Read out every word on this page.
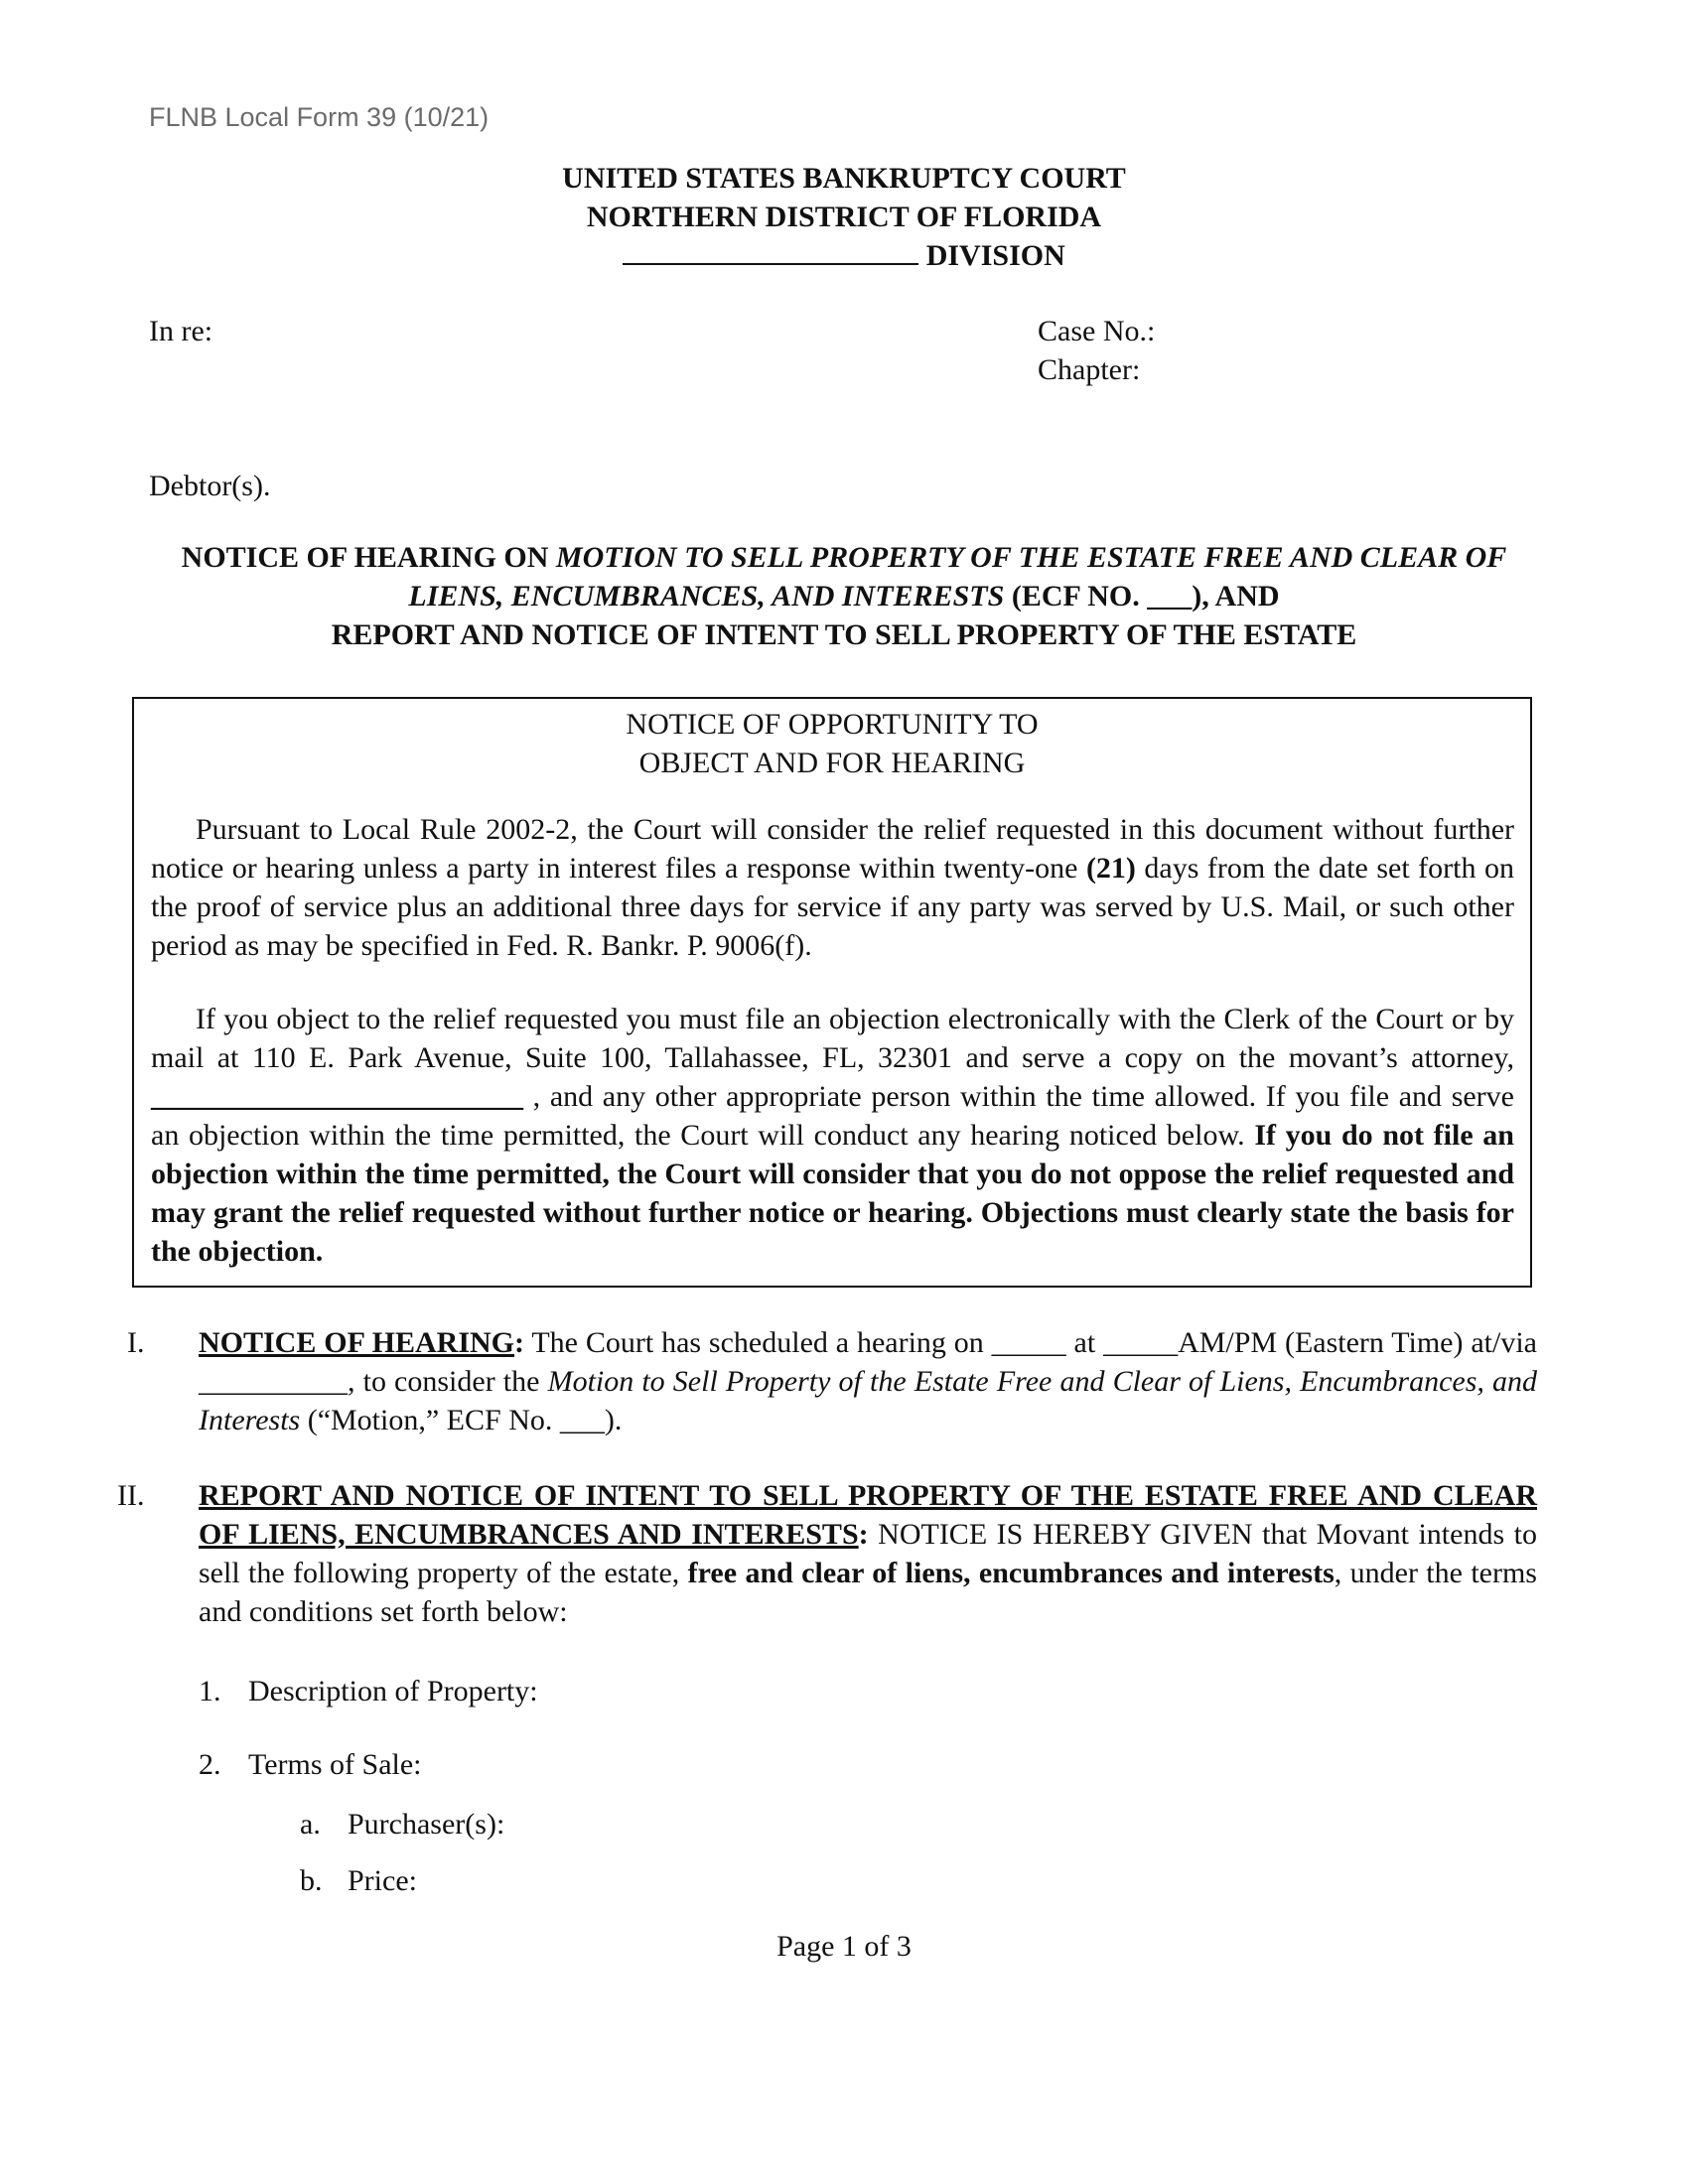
FLNB Local Form 39 (10/21)
UNITED STATES BANKRUPTCY COURT
NORTHERN DISTRICT OF FLORIDA
DIVISION
In re:	Case No.:
Chapter:
Debtor(s).
NOTICE OF HEARING ON MOTION TO SELL PROPERTY OF THE ESTATE FREE AND CLEAR OF LIENS, ENCUMBRANCES, AND INTERESTS (ECF NO. ___), AND
REPORT AND NOTICE OF INTENT TO SELL PROPERTY OF THE ESTATE
NOTICE OF OPPORTUNITY TO
OBJECT AND FOR HEARING
Pursuant to Local Rule 2002-2, the Court will consider the relief requested in this document without further notice or hearing unless a party in interest files a response within twenty-one (21) days from the date set forth on the proof of service plus an additional three days for service if any party was served by U.S. Mail, or such other period as may be specified in Fed. R. Bankr. P. 9006(f).
If you object to the relief requested you must file an objection electronically with the Clerk of the Court or by mail at 110 E. Park Avenue, Suite 100, Tallahassee, FL, 32301 and serve a copy on the movant’s attorney, _________________________ , and any other appropriate person within the time allowed. If you file and serve an objection within the time permitted, the Court will conduct any hearing noticed below. If you do not file an objection within the time permitted, the Court will consider that you do not oppose the relief requested and may grant the relief requested without further notice or hearing. Objections must clearly state the basis for the objection.
I. NOTICE OF HEARING: The Court has scheduled a hearing on _____ at _____AM/PM (Eastern Time) at/via __________, to consider the Motion to Sell Property of the Estate Free and Clear of Liens, Encumbrances, and Interests (“Motion,” ECF No. ___).
II. REPORT AND NOTICE OF INTENT TO SELL PROPERTY OF THE ESTATE FREE AND CLEAR OF LIENS, ENCUMBRANCES AND INTERESTS: NOTICE IS HEREBY GIVEN that Movant intends to sell the following property of the estate, free and clear of liens, encumbrances and interests, under the terms and conditions set forth below:
1. Description of Property:
2. Terms of Sale:
a. Purchaser(s):
b. Price:
Page 1 of 3
